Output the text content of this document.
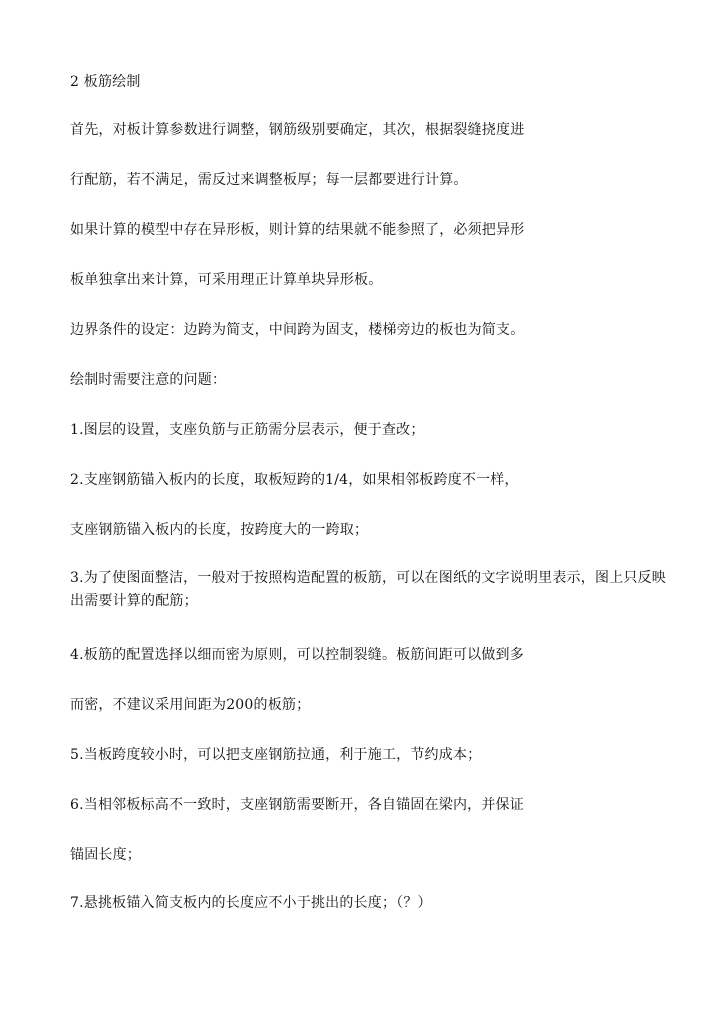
2 板筋绘制
首先，对板计算参数进行调整，钢筋级别要确定，其次，根据裂缝挠度进
行配筋，若不满足，需反过来调整板厚；每一层都要进行计算。
如果计算的模型中存在异形板，则计算的结果就不能参照了，必须把异形
板单独拿出来计算，可采用理正计算单块异形板。
边界条件的设定：边跨为简支，中间跨为固支，楼梯旁边的板也为简支。
绘制时需要注意的问题：
1.图层的设置，支座负筋与正筋需分层表示，便于查改；
2.支座钢筋锚入板内的长度，取板短跨的1/4，如果相邻板跨度不一样，
支座钢筋锚入板内的长度，按跨度大的一跨取；
3.为了使图面整洁，一般对于按照构造配置的板筋，可以在图纸的文字说明里表示，图上只反映出需要计算的配筋；
4.板筋的配置选择以细而密为原则，可以控制裂缝。板筋间距可以做到多
而密，不建议采用间距为200的板筋；
5.当板跨度较小时，可以把支座钢筋拉通，利于施工，节约成本；
6.当相邻板标高不一致时，支座钢筋需要断开，各自锚固在梁内，并保证
锚固长度；
7.悬挑板锚入简支板内的长度应不小于挑出的长度；（？）
